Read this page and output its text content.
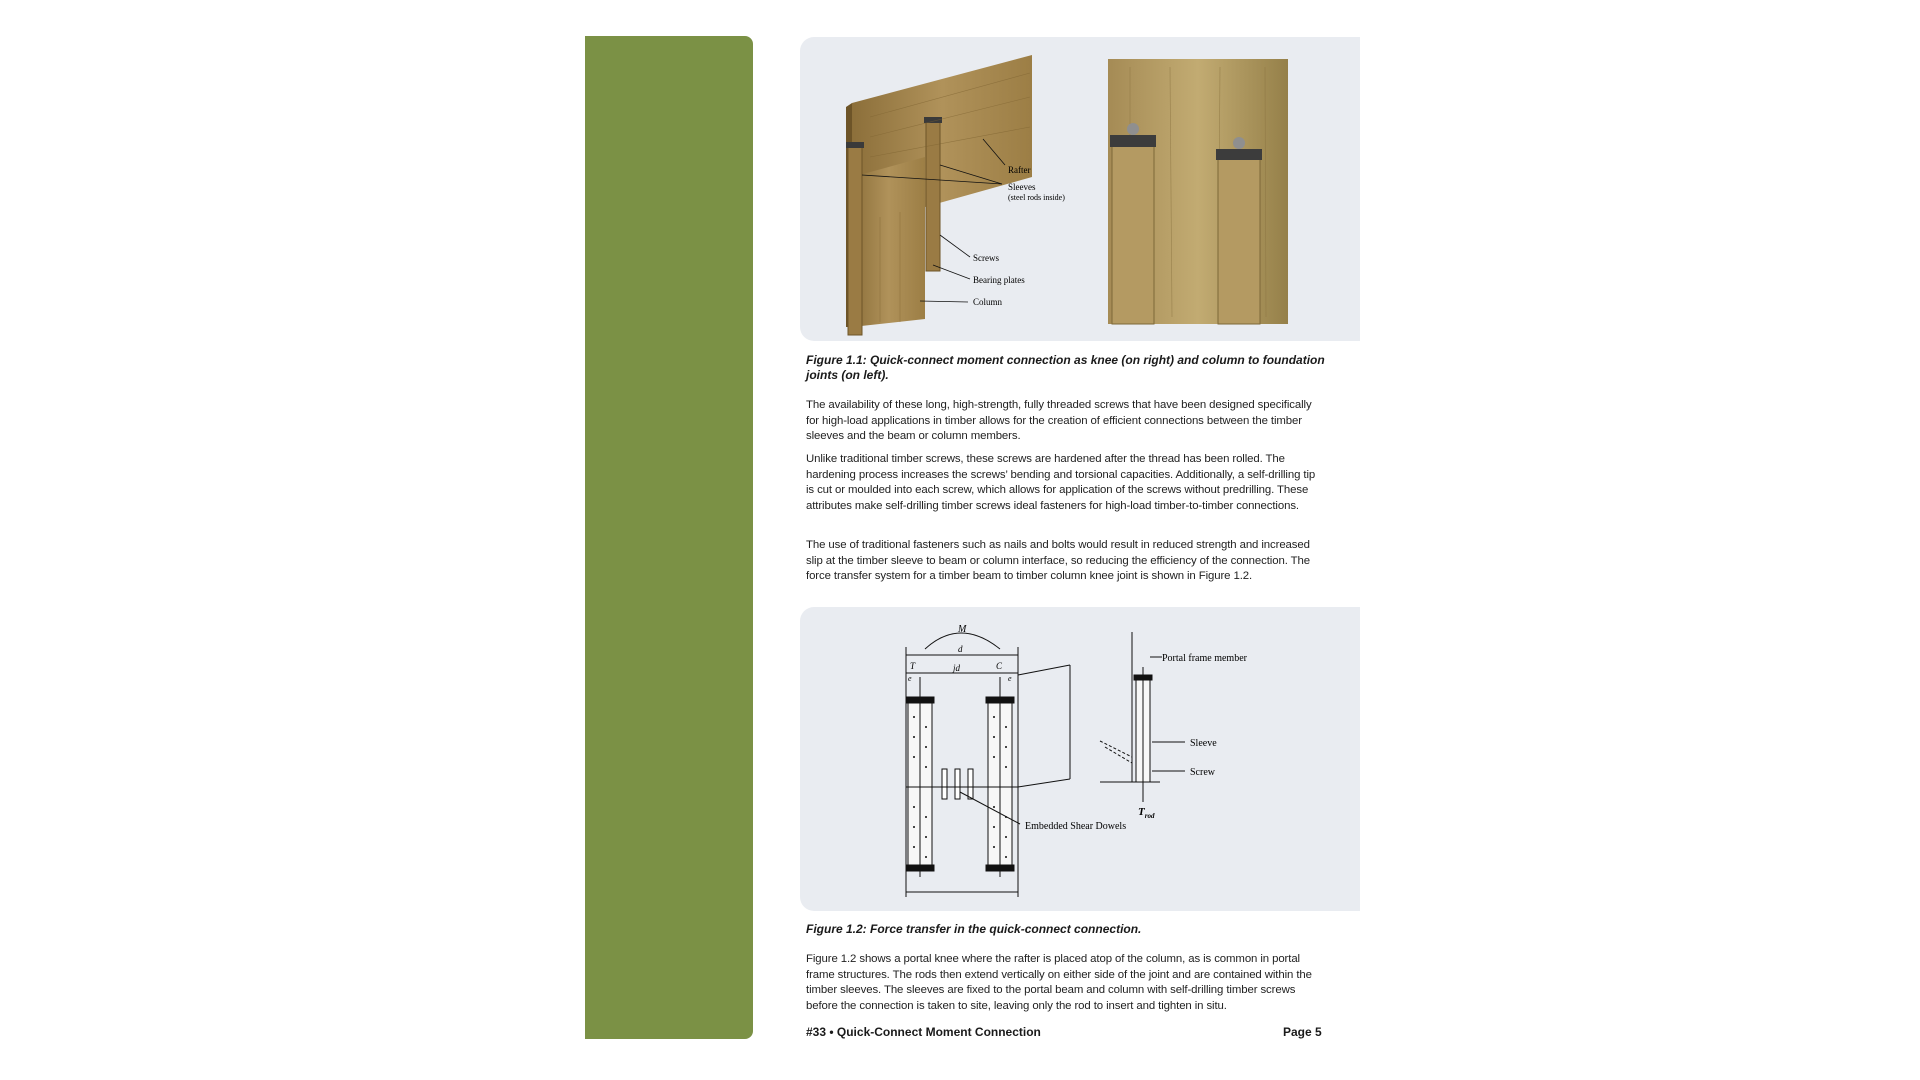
Rafter
Sleeves
(steel rods inside)
Screws
Bearing plates
Column

Figure 1.1: Quick-connect moment connection as knee (on right) and column to foundation joints (on left).

The availability of these long, high-strength, fully threaded screws that have been designed specifically for high-load applications in timber allows for the creation of efficient connections between the timber sleeves and the beam or column members.

Unlike traditional timber screws, these screws are hardened after the thread has been rolled. The hardening process increases the screws’ bending and torsional capacities. Additionally, a self-drilling tip is cut or moulded into each screw, which allows for application of the screws without predrilling. These attributes make self-drilling timber screws ideal fasteners for high-load timber-to-timber connections.

The use of traditional fasteners such as nails and bolts would result in reduced strength and increased slip at the timber sleeve to beam or column interface, so reducing the efficiency of the connection. The force transfer system for a timber beam to timber column knee joint is shown in Figure 1.2.

M
d
jd
T	C
e	e
Embedded Shear Dowels
Portal frame member
Sleeve
Screw
$T_{rod}$

Figure 1.2: Force transfer in the quick-connect connection.

Figure 1.2 shows a portal knee where the rafter is placed atop of the column, as is common in portal frame structures. The rods then extend vertically on either side of the joint and are contained within the timber sleeves. The sleeves are fixed to the portal beam and column with self-drilling timber screws before the connection is taken to site, leaving only the rod to insert and tighten in situ.

#33 • Quick-Connect Moment Connection	Page 5
